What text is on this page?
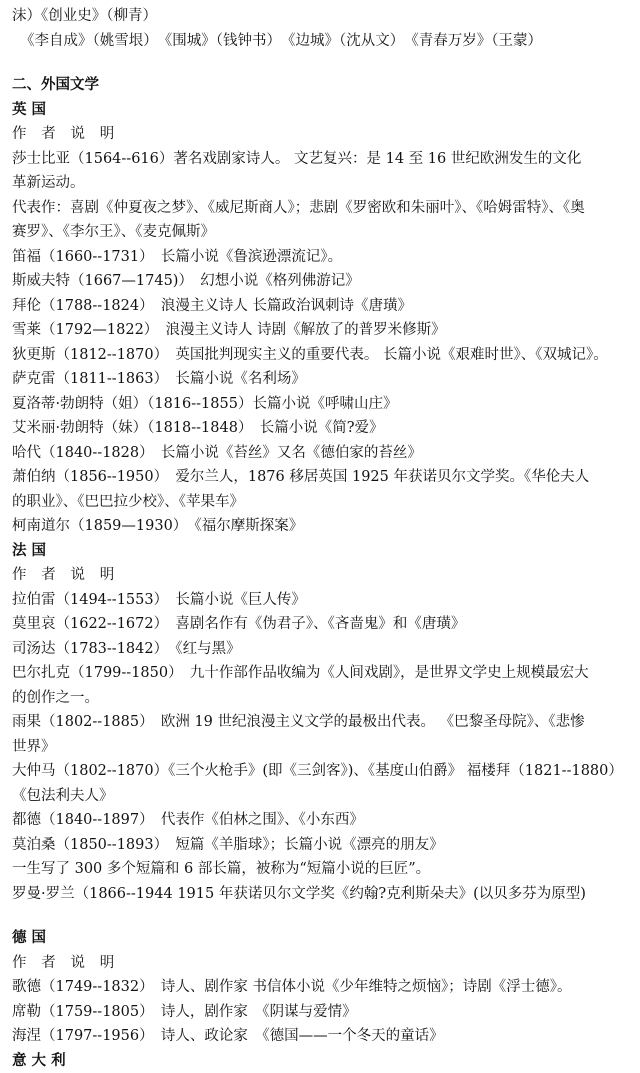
沫）《创业史》（柳青）
《李自成》（姚雪垠）　《围城》（钱钟书）　《边城》（沈从文）　《青春万岁》（王蒙）
二、外国文学
英 国
作 者 说 明
莎士比亚（1564--616）著名戏剧家诗人。 文艺复兴：是 14 至 16 世纪欧洲发生的文化
革新运动。
代表作：喜剧《仲夏夜之梦》、《威尼斯商人》；悲剧《罗密欧和朱丽叶》、《哈姆雷特》、《奥
赛罗》、《李尔王》、《麦克佩斯》
笛福（1660--1731）　长篇小说《鲁滨逊漂流记》。
斯威夫特（1667—1745)）　幻想小说《格列佛游记》
拜伦（1788--1824）　浪漫主义诗人 长篇政治讽刺诗《唐璜》
雪莱（1792—1822）　浪漫主义诗人 诗剧《解放了的普罗米修斯》
狄更斯（1812--1870）　英国批判现实主义的重要代表。 长篇小说《艰难时世》、《双城记》。
萨克雷（1811--1863）　长篇小说《名利场》
夏洛蒂·勃朗特（姐）（1816--1855）长篇小说《呼啸山庄》
艾米丽·勃朗特（妹）（1818--1848）　长篇小说《简?爱》
哈代（1840--1828）　长篇小说《苔丝》又名《德伯家的苔丝》
萧伯纳（1856--1950）　爱尔兰人，1876 移居英国 1925 年获诺贝尔文学奖。《华伦夫人
的职业》、《巴巴拉少校》、《苹果车》
柯南道尔（1859—1930）　《福尔摩斯探案》
法 国
作 者 说 明
拉伯雷（1494--1553）　长篇小说《巨人传》
莫里哀（1622--1672）　喜剧名作有《伪君子》、《吝啬鬼》和《唐璜》
司汤达（1783--1842）　《红与黑》
巴尔扎克（1799--1850）　九十作部作品收编为《人间戏剧》，是世界文学史上规模最宏大
的创作之一。
雨果（1802--1885）　欧洲 19 世纪浪漫主义文学的最极出代表。 《巴黎圣母院》、《悲惨
世界》
大仲马（1802--1870）《三个火枪手》(即《三剑客》)、《基度山伯爵》 福楼拜（1821--1880）
《包法利夫人》
都德（1840--1897）　代表作《伯林之围》、《小东西》
莫泊桑（1850--1893）　短篇《羊脂球》；长篇小说《漂亮的朋友》
一生写了 300 多个短篇和 6 部长篇，被称为“短篇小说的巨匠”。
罗曼·罗兰（1866--1944 1915 年获诺贝尔文学奖《约翰?克利斯朵夫》(以贝多芬为原型)
德 国
作 者 说 明
歌德（1749--1832）　诗人、剧作家 书信体小说《少年维特之烦恼》；诗剧《浮士德》。
席勒（1759--1805）　诗人，剧作家　《阴谋与爱情》
海涅（1797--1956）　诗人、政论家　《德国——一个冬天的童话》
意 大 利
